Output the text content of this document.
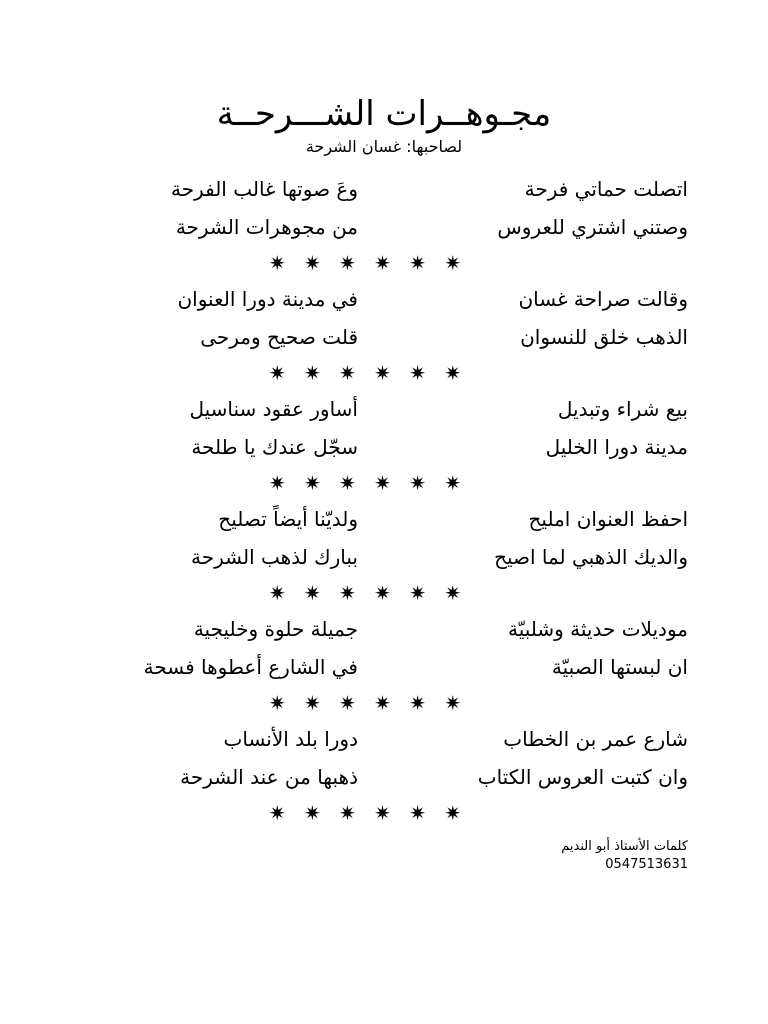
مجـوهــرات الشـــرحــة
لصاحبها: غسان الشرحة
اتصلت حماتي فرحة
وعَ صوتها غالب الفرحة
وصتني اشتري للعروس
من مجوهرات الشرحة
✷ ✷ ✷ ✷ ✷ ✷
وقالت صراحة غسان
في مدينة دورا العنوان
الذهب خلق للنسوان
قلت صحيح ومرحى
✷ ✷ ✷ ✷ ✷ ✷
بيع شراء وتبديل
أساور عقود سناسيل
مدينة دورا الخليل
سجّل عندك يا طلحة
✷ ✷ ✷ ✷ ✷ ✷
احفظ العنوان امليح
ولديّنا أيضاً تصليح
والديك الذهبي لما اصيح
ببارك لذهب الشرحة
✷ ✷ ✷ ✷ ✷ ✷
موديلات حديثة وشلبيّة
جميلة حلوة وخليجية
ان لبستها الصبيّة
في الشارع أعطوها فسحة
✷ ✷ ✷ ✷ ✷ ✷
شارع عمر بن الخطاب
دورا بلد الأنساب
وان كتبت العروس الكتاب
ذهبها من عند الشرحة
✷ ✷ ✷ ✷ ✷ ✷
كلمات الأستاذ أبو النديم
0547513631
